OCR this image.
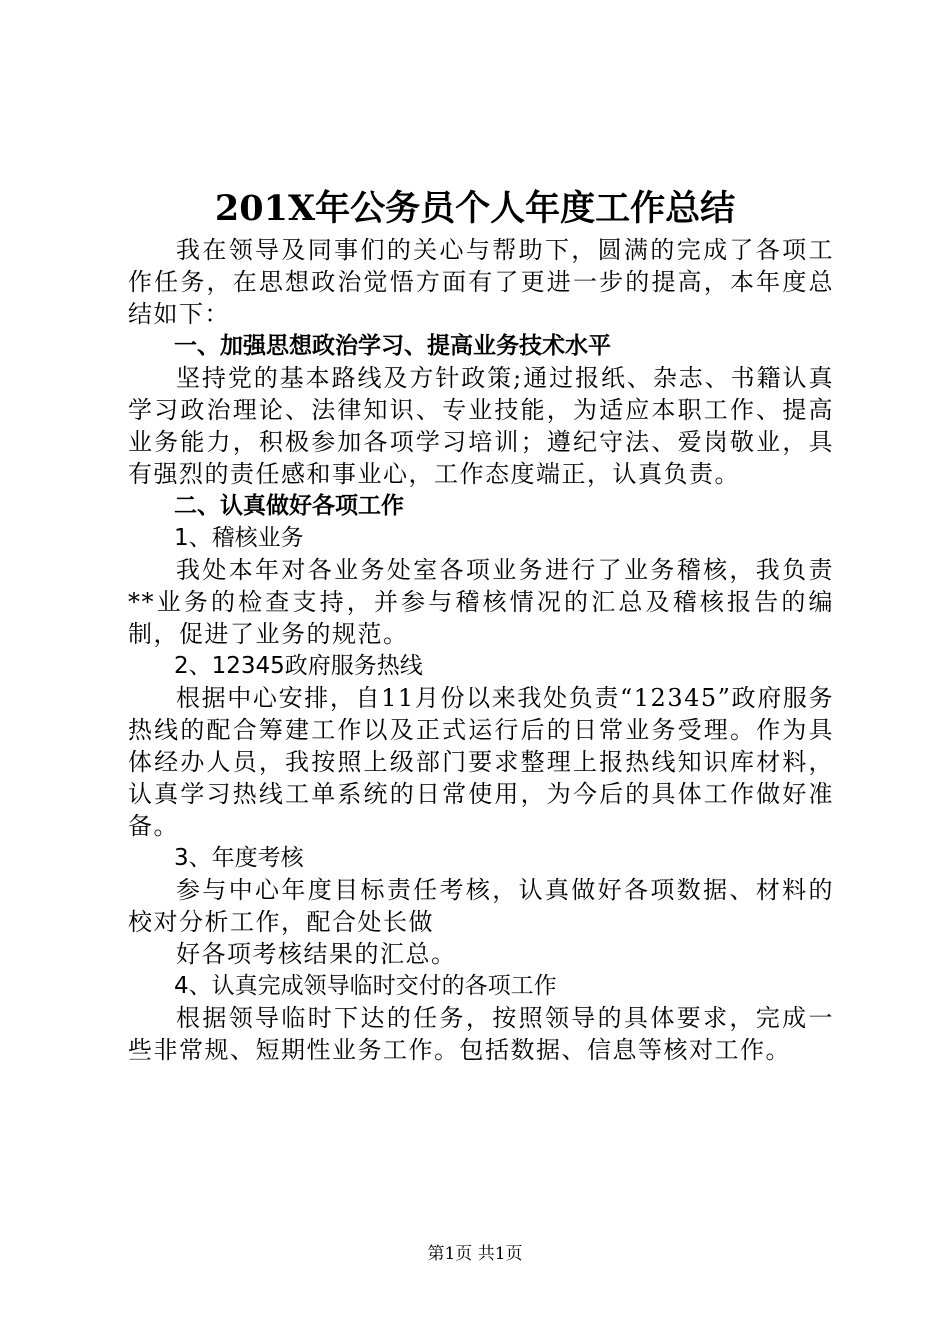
201X年公务员个人年度工作总结

我在领导及同事们的关心与帮助下，圆满的完成了各项工作任务，在思想政治觉悟方面有了更进一步的提高，本年度总结如下：

一、加强思想政治学习、提高业务技术水平

坚持党的基本路线及方针政策;通过报纸、杂志、书籍认真学习政治理论、法律知识、专业技能，为适应本职工作、提高业务能力，积极参加各项学习培训；遵纪守法、爱岗敬业，具有强烈的责任感和事业心，工作态度端正，认真负责。

二、认真做好各项工作

1、稽核业务

我处本年对各业务处室各项业务进行了业务稽核，我负责**业务的检查支持，并参与稽核情况的汇总及稽核报告的编制，促进了业务的规范。

2、12345政府服务热线

根据中心安排，自11月份以来我处负责“12345”政府服务热线的配合筹建工作以及正式运行后的日常业务受理。作为具体经办人员，我按照上级部门要求整理上报热线知识库材料，认真学习热线工单系统的日常使用，为今后的具体工作做好准备。

3、年度考核

参与中心年度目标责任考核，认真做好各项数据、材料的校对分析工作，配合处长做

好各项考核结果的汇总。

4、认真完成领导临时交付的各项工作

根据领导临时下达的任务，按照领导的具体要求，完成一些非常规、短期性业务工作。包括数据、信息等核对工作。

第1页 共1页
